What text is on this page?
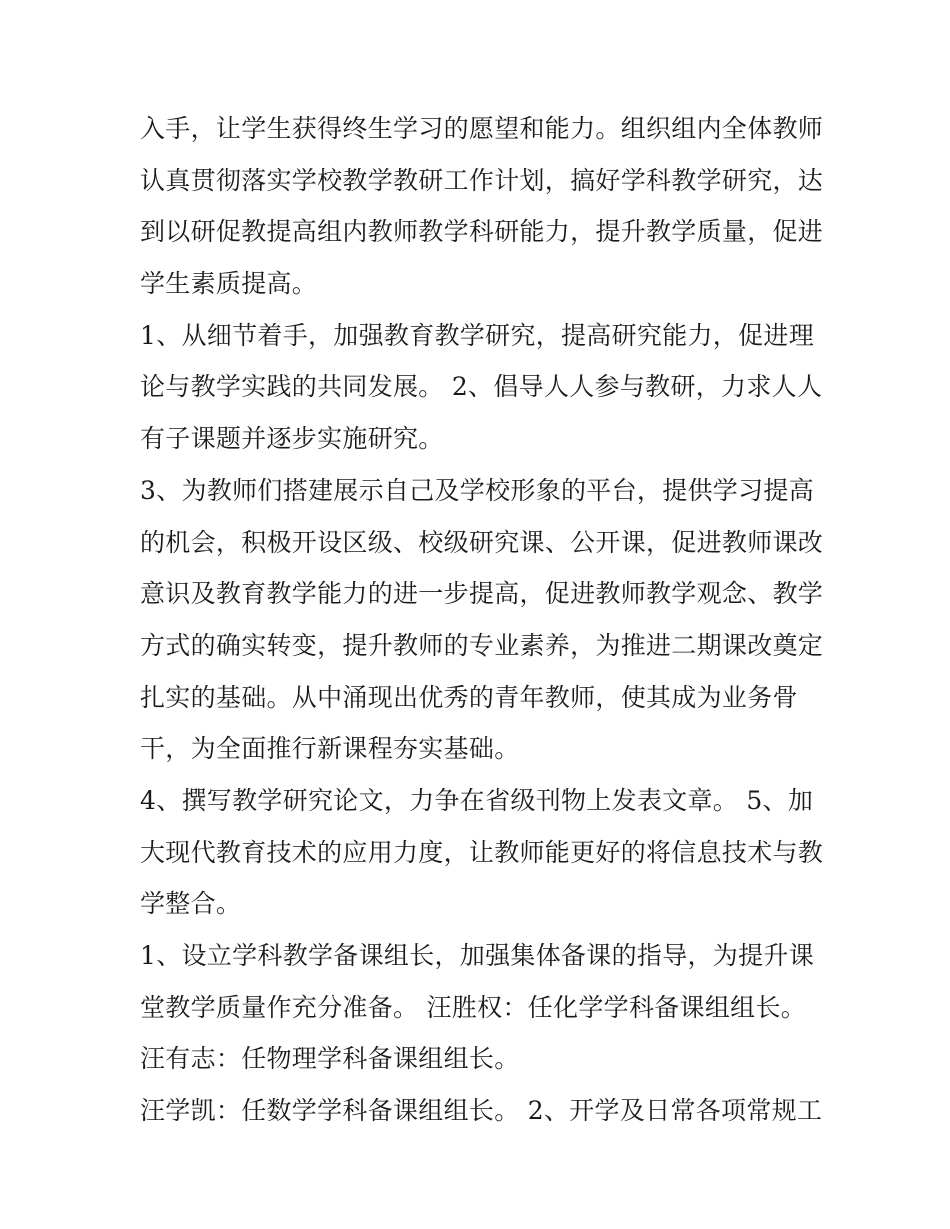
入手，让学生获得终生学习的愿望和能力。组织组内全体教师
认真贯彻落实学校教学教研工作计划，搞好学科教学研究，达
到以研促教提高组内教师教学科研能力，提升教学质量，促进
学生素质提高。
1、从细节着手，加强教育教学研究，提高研究能力，促进理
论与教学实践的共同发展。 2、倡导人人参与教研，力求人人
有子课题并逐步实施研究。
3、为教师们搭建展示自己及学校形象的平台，提供学习提高
的机会，积极开设区级、校级研究课、公开课，促进教师课改
意识及教育教学能力的进一步提高，促进教师教学观念、教学
方式的确实转变，提升教师的专业素养，为推进二期课改奠定
扎实的基础。从中涌现出优秀的青年教师，使其成为业务骨
干，为全面推行新课程夯实基础。
4、撰写教学研究论文，力争在省级刊物上发表文章。 5、加
大现代教育技术的应用力度，让教师能更好的将信息技术与教
学整合。
1、设立学科教学备课组长，加强集体备课的指导，为提升课
堂教学质量作充分准备。 汪胜权：任化学学科备课组组长。
汪有志：任物理学科备课组组长。
汪学凯：任数学学科备课组组长。 2、开学及日常各项常规工
